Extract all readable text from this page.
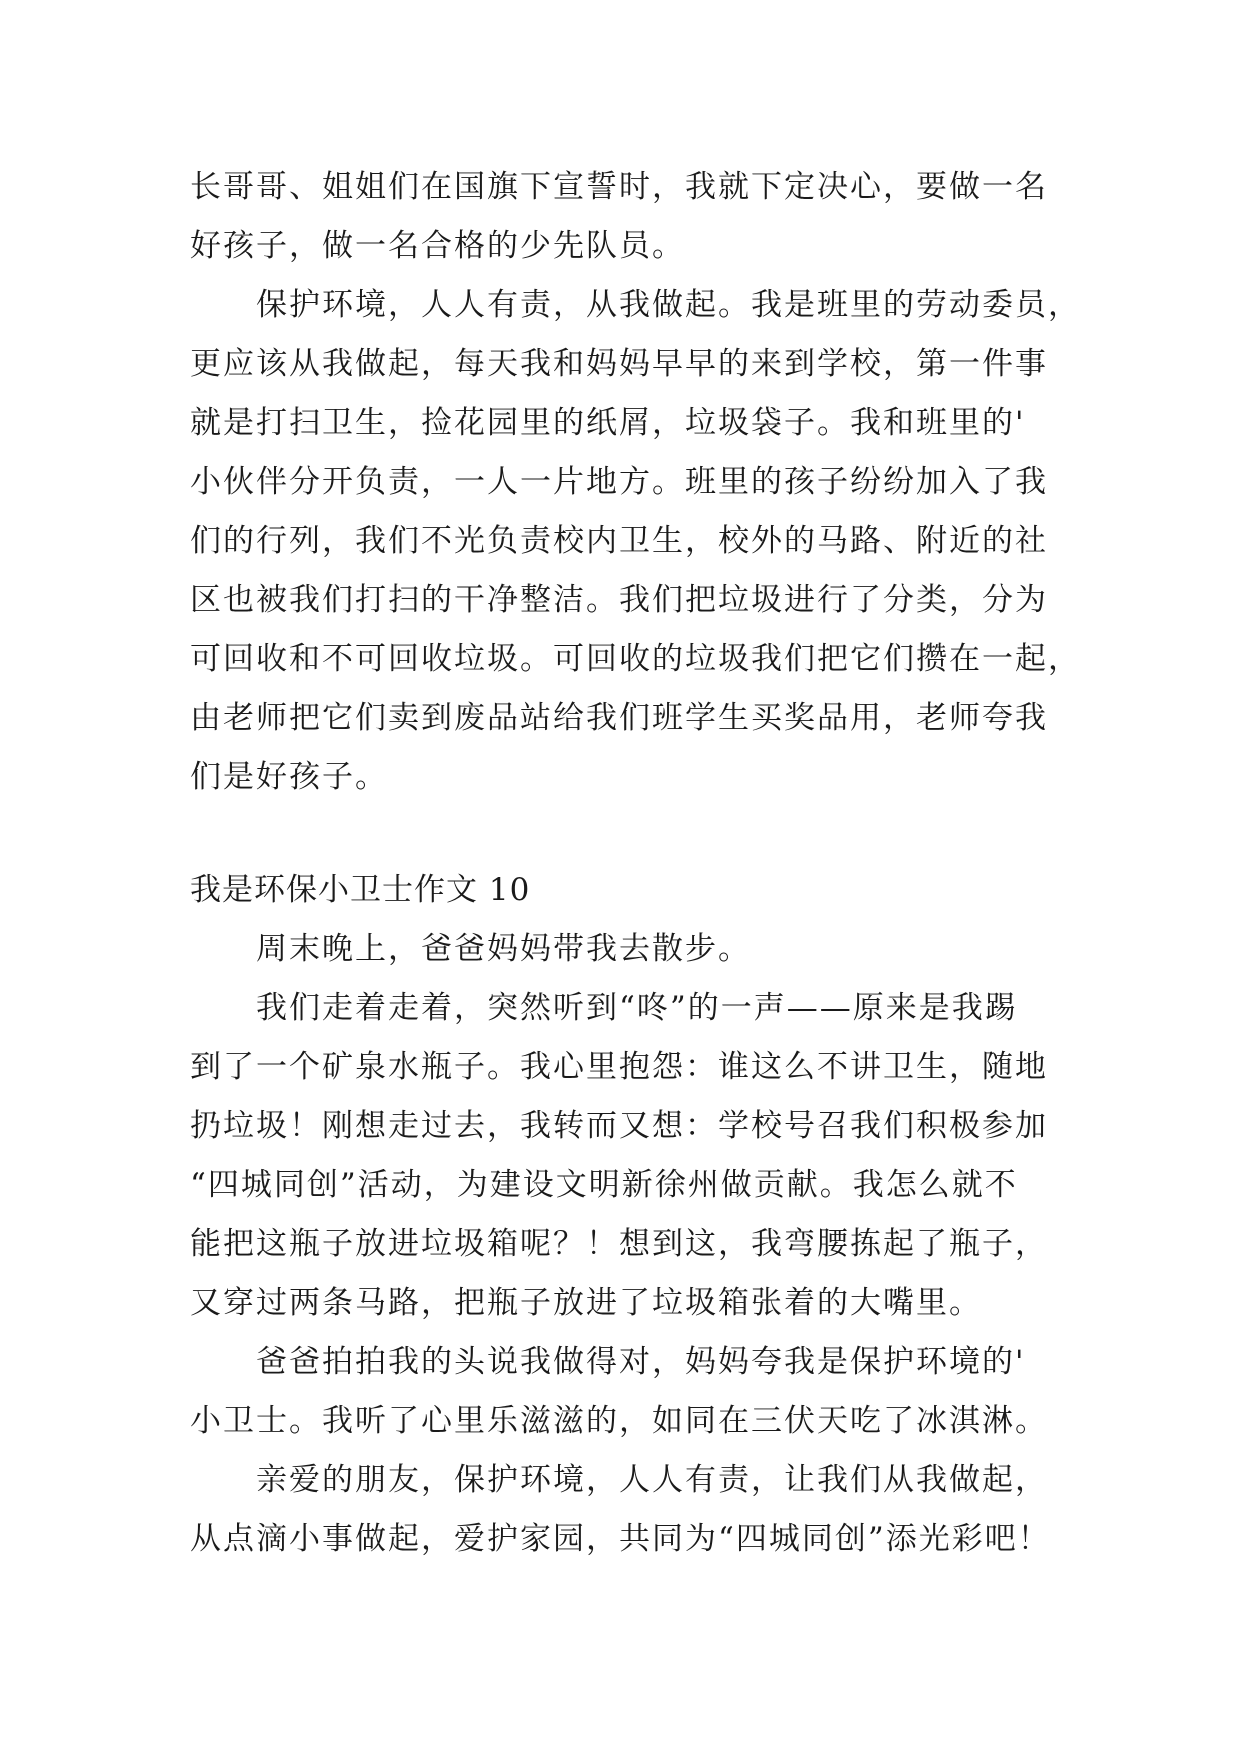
长哥哥、姐姐们在国旗下宣誓时，我就下定决心，要做一名
好孩子，做一名合格的少先队员。
保护环境，人人有责，从我做起。我是班里的劳动委员，
更应该从我做起，每天我和妈妈早早的来到学校，第一件事
就是打扫卫生，捡花园里的纸屑，垃圾袋子。我和班里的'
小伙伴分开负责，一人一片地方。班里的孩子纷纷加入了我
们的行列，我们不光负责校内卫生，校外的马路、附近的社
区也被我们打扫的干净整洁。我们把垃圾进行了分类，分为
可回收和不可回收垃圾。可回收的垃圾我们把它们攒在一起，
由老师把它们卖到废品站给我们班学生买奖品用，老师夸我
们是好孩子。
我是环保小卫士作文 10
周末晚上，爸爸妈妈带我去散步。
我们走着走着，突然听到“咚”的一声——原来是我踢
到了一个矿泉水瓶子。我心里抱怨：谁这么不讲卫生，随地
扔垃圾！刚想走过去，我转而又想：学校号召我们积极参加
“四城同创”活动，为建设文明新徐州做贡献。我怎么就不
能把这瓶子放进垃圾箱呢？！想到这，我弯腰拣起了瓶子，
又穿过两条马路，把瓶子放进了垃圾箱张着的大嘴里。
爸爸拍拍我的头说我做得对，妈妈夸我是保护环境的'
小卫士。我听了心里乐滋滋的，如同在三伏天吃了冰淇淋。
亲爱的朋友，保护环境，人人有责，让我们从我做起，
从点滴小事做起，爱护家园，共同为“四城同创”添光彩吧！
